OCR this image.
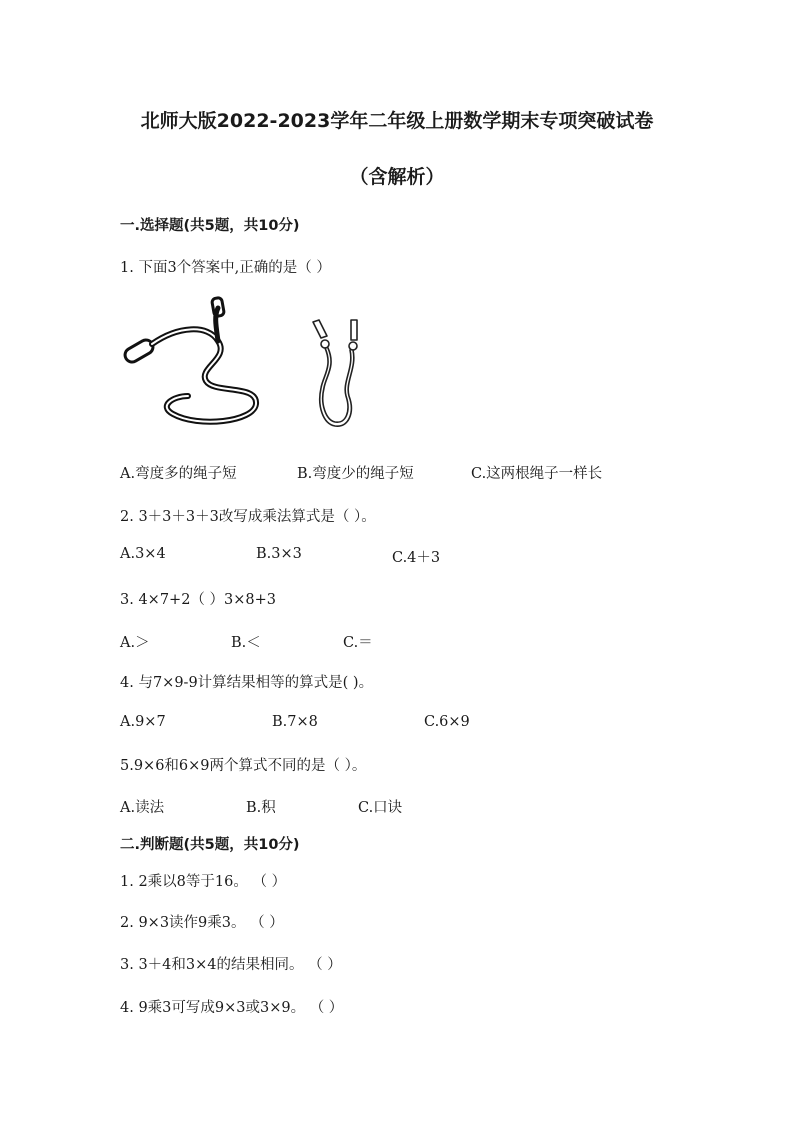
北师大版2022-2023学年二年级上册数学期末专项突破试卷
（含解析）
一.选择题(共5题，共10分)
1. 下面3个答案中,正确的是（ ）
A.弯度多的绳子短	B.弯度少的绳子短	C.这两根绳子一样长
2. 3＋3＋3＋3改写成乘法算式是（ ）。
A.3×4	B.3×3	C.4＋3
3. 4×7+2（ ）3×8+3
A.＞	B.＜	C.＝
4. 与7×9-9计算结果相等的算式是( )。
A.9×7	B.7×8	C.6×9
5.9×6和6×9两个算式不同的是（ ）。
A.读法	B.积	C.口诀
二.判断题(共5题，共10分)
1. 2乘以8等于16。 （ ）
2. 9×3读作9乘3。 （ ）
3. 3＋4和3×4的结果相同。 （ ）
4. 9乘3可写成9×3或3×9。 （ ）
